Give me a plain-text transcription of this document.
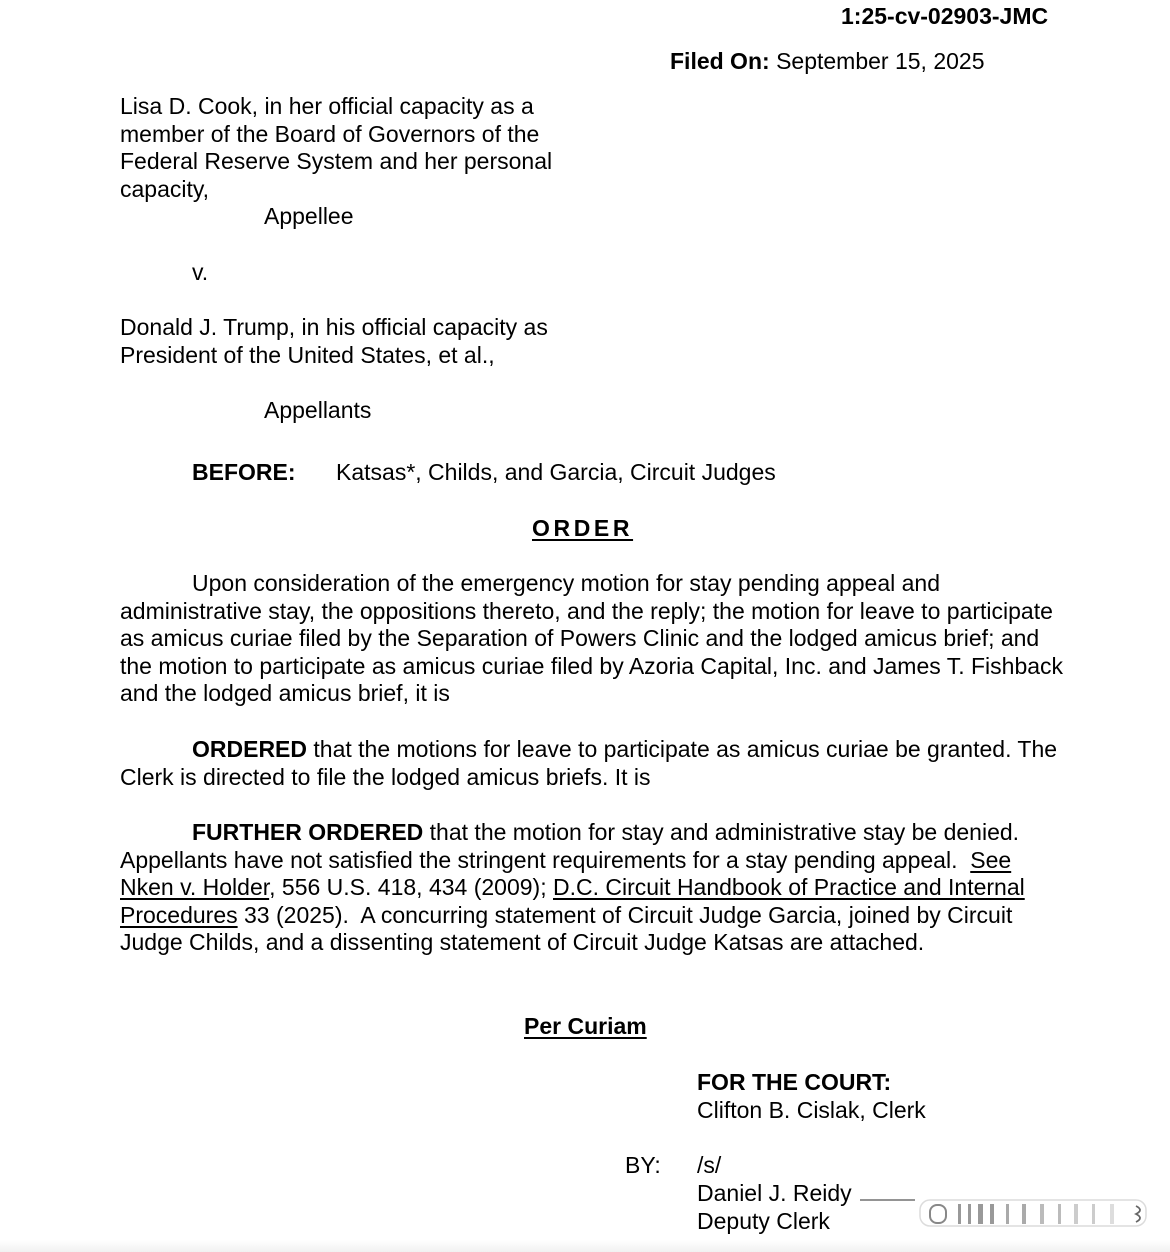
1:25-cv-02903-JMC
Filed On: September 15, 2025
Lisa D. Cook, in her official capacity as a
member of the Board of Governors of the
Federal Reserve System and her personal
capacity,
Appellee
v.
Donald J. Trump, in his official capacity as
President of the United States, et al.,
Appellants
BEFORE: Katsas*, Childs, and Garcia, Circuit Judges
ORDER
Upon consideration of the emergency motion for stay pending appeal and administrative stay, the oppositions thereto, and the reply; the motion for leave to participate as amicus curiae filed by the Separation of Powers Clinic and the lodged amicus brief; and the motion to participate as amicus curiae filed by Azoria Capital, Inc. and James T. Fishback and the lodged amicus brief, it is
ORDERED that the motions for leave to participate as amicus curiae be granted. The Clerk is directed to file the lodged amicus briefs. It is
FURTHER ORDERED that the motion for stay and administrative stay be denied. Appellants have not satisfied the stringent requirements for a stay pending appeal.  See Nken v. Holder, 556 U.S. 418, 434 (2009); D.C. Circuit Handbook of Practice and Internal Procedures 33 (2025).  A concurring statement of Circuit Judge Garcia, joined by Circuit Judge Childs, and a dissenting statement of Circuit Judge Katsas are attached.
Per Curiam
FOR THE COURT:
Clifton B. Cislak, Clerk
BY: /s/
Daniel J. Reidy
Deputy Clerk
